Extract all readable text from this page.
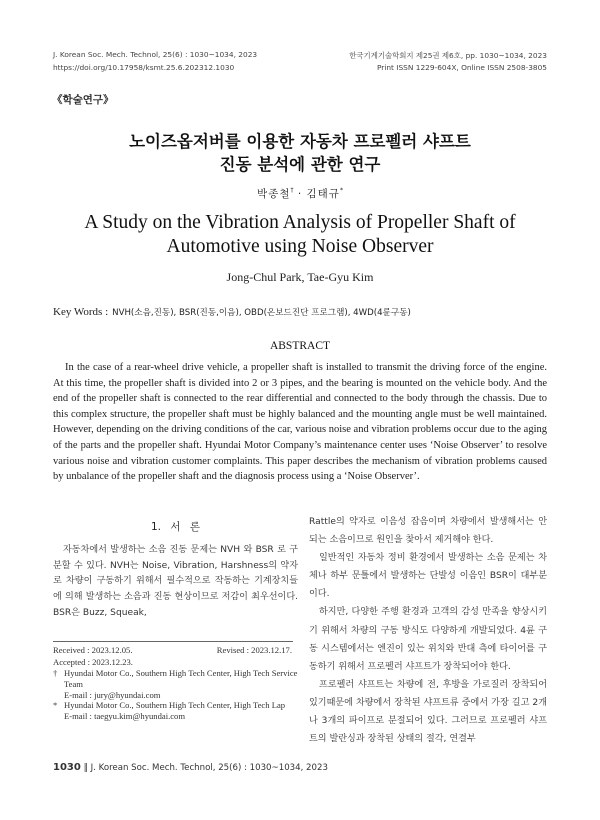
J. Korean Soc. Mech. Technol, 25(6) : 1030~1034, 2023	한국기계기술학회지 제25권 제6호, pp. 1030~1034, 2023
https://doi.org/10.17958/ksmt.25.6.202312.1030	Print ISSN 1229-604X, Online ISSN 2508-3805
《학술연구》
노이즈옵저버를 이용한 자동차 프로펠러 샤프트
진동 분석에 관한 연구
박종철† · 김태규*
A Study on the Vibration Analysis of Propeller Shaft of
Automotive using Noise Observer
Jong-Chul Park, Tae-Gyu Kim
Key Words : NVH(소음,진동), BSR(진동,이음), OBD(온보드진단 프로그램), 4WD(4륜구동)
ABSTRACT
In the case of a rear-wheel drive vehicle, a propeller shaft is installed to transmit the driving force of the engine. At this time, the propeller shaft is divided into 2 or 3 pipes, and the bearing is mounted on the vehicle body. And the end of the propeller shaft is connected to the rear differential and connected to the body through the chassis. Due to this complex structure, the propeller shaft must be highly balanced and the mounting angle must be well maintained. However, depending on the driving conditions of the car, various noise and vibration problems occur due to the aging of the parts and the propeller shaft. Hyundai Motor Company’s maintenance center uses ‘Noise Observer’ to resolve various noise and vibration customer complaints. This paper describes the mechanism of vibration problems caused by unbalance of the propeller shaft and the diagnosis process using a ‘Noise Observer’.
1. 서 론

자동차에서 발생하는 소음 진동 문제는 NVH 와 BSR 로 구분할 수 있다. NVH는 Noise, Vibration, Harshness의 약자로 차량이 구동하기 위해서 필수적으로 작동하는 기계장치들에 의해 발생하는 소음과 진동 현상이므로 저감이 최우선이다. BSR은 Buzz, Squeak,

Received : 2023.12.05.	Revised : 2023.12.17.
Accepted : 2023.12.23.
† Hyundai Motor Co., Southern High Tech Center, High Tech Service Team
E-mail : jury@hyundai.com
* Hyundai Motor Co., Southern High Tech Center, High Tech Lap
E-mail : taegyu.kim@hyundai.com

Rattle의 약자로 이음성 잡음이며 차량에서 발생해서는 안 되는 소음이므로 원인을 찾아서 제거해야 한다.

일반적인 자동차 정비 환경에서 발생하는 소음 문제는 차체나 하부 문틀에서 발생하는 단발성 이음인 BSR이 대부분이다.

하지만, 다양한 주행 환경과 고객의 감성 만족을 향상시키기 위해서 차량의 구동 방식도 다양하게 개발되었다. 4륜 구동 시스템에서는 엔진이 있는 위치와 반대 측에 타이어를 구동하기 위해서 프로펠러 샤프트가 장착되어야 한다.

프로펠러 샤프트는 차량에 전, 후방을 가로질러 장착되어 있기때문에 차량에서 장착된 샤프트류 중에서 가장 길고 2개나 3개의 파이프로 분절되어 있다. 그러므로 프로펠러 샤프트의 발란싱과 장착된 상태의 절각, 연결부

1030 ‖ J. Korean Soc. Mech. Technol, 25(6) : 1030~1034, 2023
